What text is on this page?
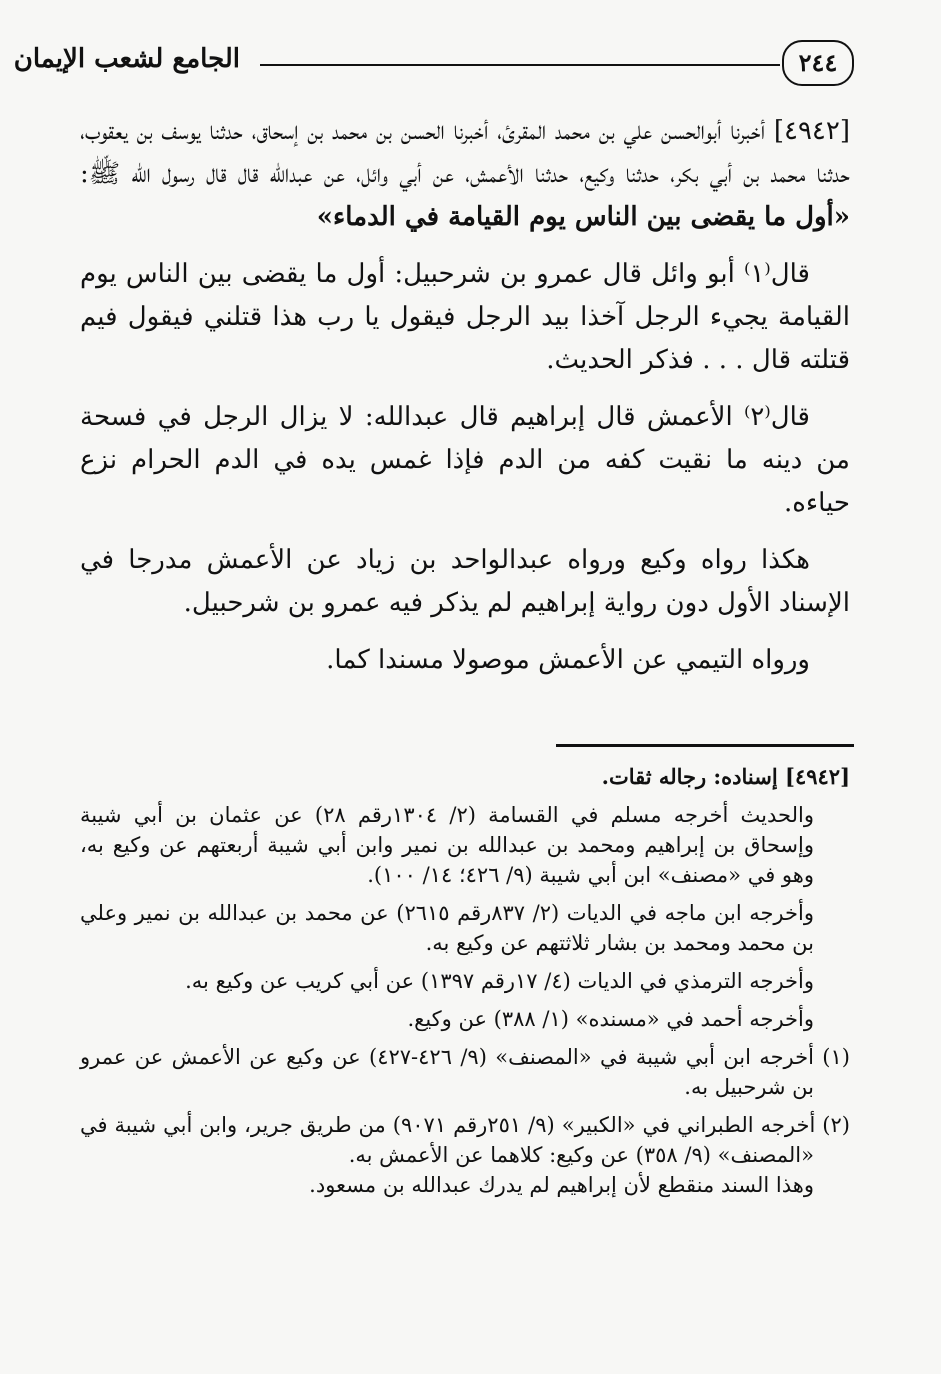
الجامع لشعب الإيمان	٢٤٤

[٤٩٤٢] أخبرنا أبوالحسن علي بن محمد المقرئ، أخبرنا الحسن بن محمد بن إسحاق، حدثنا يوسف بن يعقوب، حدثنا محمد بن أبي بكر، حدثنا وكيع، حدثنا الأعمش، عن أبي وائل، عن عبدالله قال قال رسول الله ﷺ: «أول ما يقضى بين الناس يوم القيامة في الدماء»

قال⁽١⁾ أبو وائل قال عمرو بن شرحبيل: أول ما يقضى بين الناس يوم القيامة يجيء الرجل آخذا بيد الرجل فيقول يا رب هذا قتلني فيقول فيم قتلته قال . . . فذكر الحديث.

قال⁽٢⁾ الأعمش قال إبراهيم قال عبدالله: لا يزال الرجل في فسحة من دينه ما نقيت كفه من الدم فإذا غمس يده في الدم الحرام نزع حياءه.

هكذا رواه وكيع ورواه عبدالواحد بن زياد عن الأعمش مدرجا في الإسناد الأول دون رواية إبراهيم لم يذكر فيه عمرو بن شرحبيل.

ورواه التيمي عن الأعمش موصولا مسندا كما.

[٤٩٤٢] إسناده: رجاله ثقات.

والحديث أخرجه مسلم في القسامة (٢/ ١٣٠٤رقم ٢٨) عن عثمان بن أبي شيبة وإسحاق بن إبراهيم ومحمد بن عبدالله بن نمير وابن أبي شيبة أربعتهم عن وكيع به، وهو في «مصنف» ابن أبي شيبة (٩/ ٤٢٦؛ ١٤/ ١٠٠).

وأخرجه ابن ماجه في الديات (٢/ ٨٣٧رقم ٢٦١٥) عن محمد بن عبدالله بن نمير وعلي بن محمد ومحمد بن بشار ثلاثتهم عن وكيع به.

وأخرجه الترمذي في الديات (٤/ ١٧رقم ١٣٩٧) عن أبي كريب عن وكيع به.

وأخرجه أحمد في «مسنده» (١/ ٣٨٨) عن وكيع.

(١) أخرجه ابن أبي شيبة في «المصنف» (٩/ ٤٢٦-٤٢٧) عن وكيع عن الأعمش عن عمرو بن شرحبيل به.

(٢) أخرجه الطبراني في «الكبير» (٩/ ٢٥١رقم ٩٠٧١) من طريق جرير، وابن أبي شيبة في «المصنف» (٩/ ٣٥٨) عن وكيع: كلاهما عن الأعمش به.

وهذا السند منقطع لأن إبراهيم لم يدرك عبدالله بن مسعود.
